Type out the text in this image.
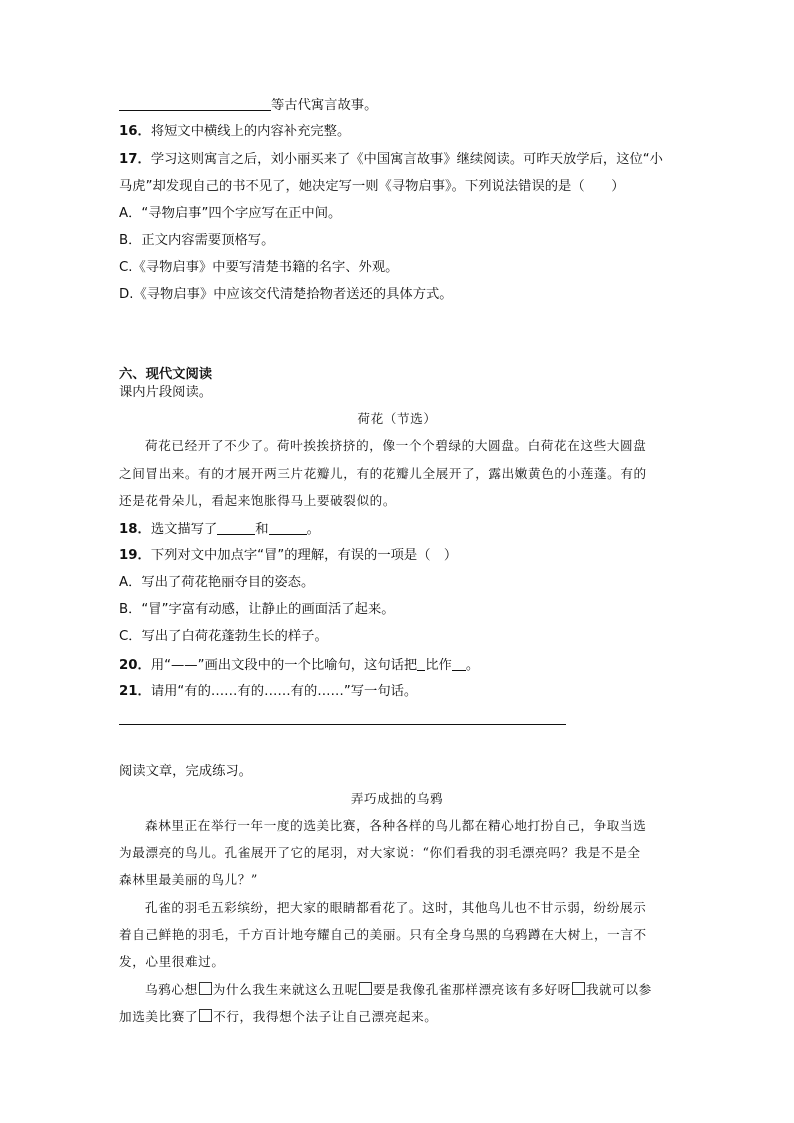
等古代寓言故事。
16．将短文中横线上的内容补充完整。
17．学习这则寓言之后，刘小丽买来了《中国寓言故事》继续阅读。可昨天放学后，这位“小
马虎”却发现自己的书不见了，她决定写一则《寻物启事》。下列说法错误的是（　　）
A．“寻物启事”四个字应写在正中间。
B．正文内容需要顶格写。
C.《寻物启事》中要写清楚书籍的名字、外观。
D.《寻物启事》中应该交代清楚拾物者送还的具体方式。
六、现代文阅读
课内片段阅读。
荷花（节选）
荷花已经开了不少了。荷叶挨挨挤挤的，像一个个碧绿的大圆盘。白荷花在这些大圆盘
之间冒出来。有的才展开两三片花瓣儿，有的花瓣儿全展开了，露出嫩黄色的小莲蓬。有的
还是花骨朵儿，看起来饱胀得马上要破裂似的。
18．选文描写了	和	。
19．下列对文中加点字“冒”的理解，有误的一项是（　）
A．写出了荷花艳丽夺目的姿态。
B．“冒”字富有动感，让静止的画面活了起来。
C．写出了白荷花蓬勃生长的样子。
20．用“——”画出文段中的一个比喻句，这句话把 比作 。
21．请用“有的……有的……有的……”写一句话。
阅读文章，完成练习。
弄巧成拙的乌鸦
森林里正在举行一年一度的选美比赛，各种各样的鸟儿都在精心地打扮自己，争取当选
为最漂亮的鸟儿。孔雀展开了它的尾羽，对大家说：“你们看我的羽毛漂亮吗？我是不是全
森林里最美丽的鸟儿？”
孔雀的羽毛五彩缤纷，把大家的眼睛都看花了。这时，其他鸟儿也不甘示弱，纷纷展示
着自己鲜艳的羽毛，千方百计地夸耀自己的美丽。只有全身乌黑的乌鸦蹲在大树上，一言不
发，心里很难过。
乌鸦心想 为什么我生来就这么丑呢 要是我像孔雀那样漂亮该有多好呀 我就可以参
加选美比赛了 不行，我得想个法子让自己漂亮起来。
